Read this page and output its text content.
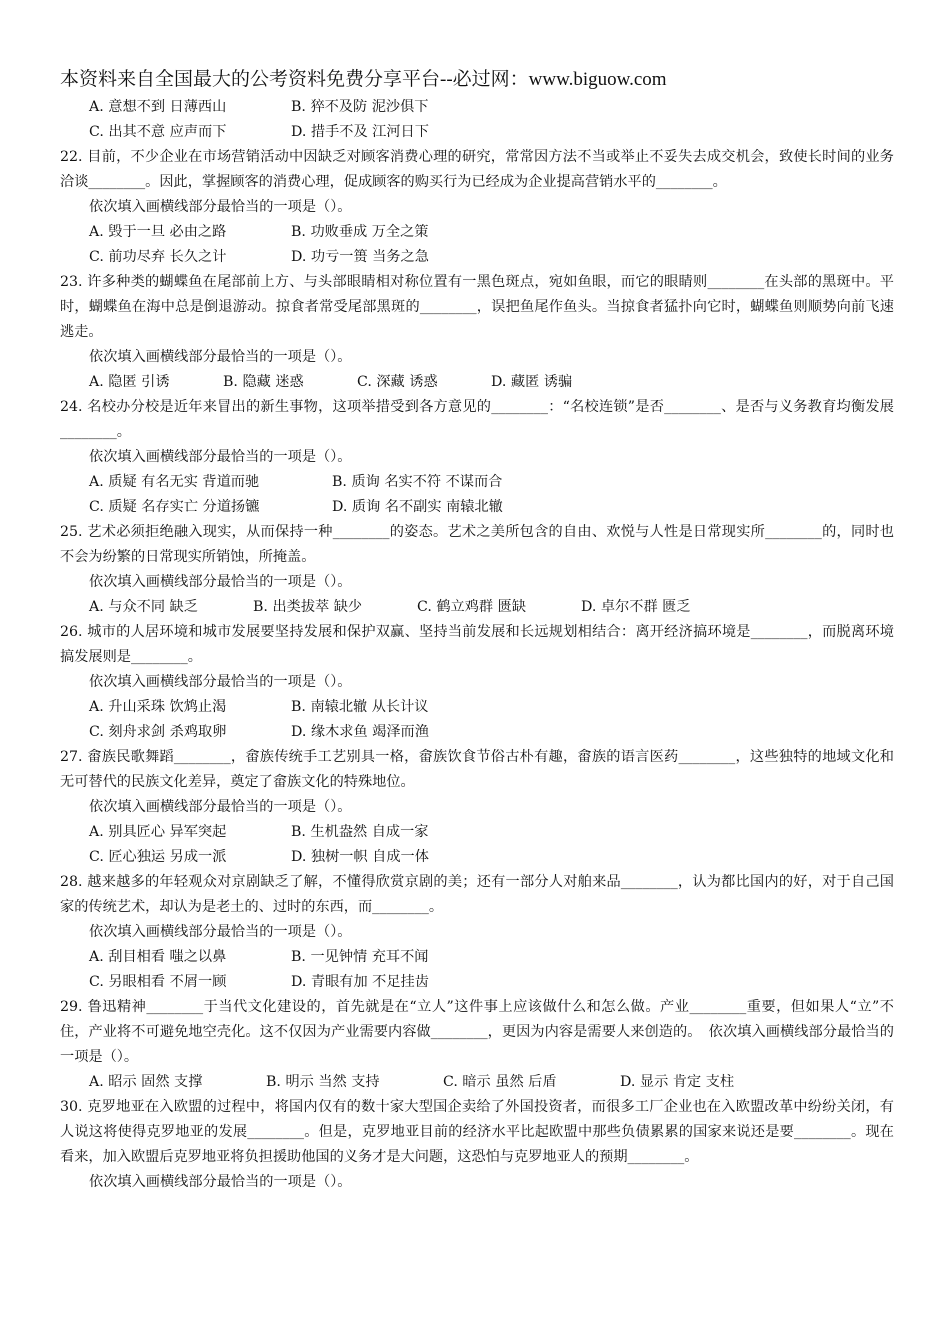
本资料来自全国最大的公考资料免费分享平台--必过网：www.biguow.com
A. 意想不到 日薄西山	B. 猝不及防 泥沙俱下
C. 出其不意 应声而下	D. 措手不及 江河日下
22. 目前，不少企业在市场营销活动中因缺乏对顾客消费心理的研究，常常因方法不当或举止不妥失去成交机会，致使长时间的业务洽谈________。因此，掌握顾客的消费心理，促成顾客的购买行为已经成为企业提高营销水平的________。
依次填入画横线部分最恰当的一项是（）。
A. 毁于一旦 必由之路	B. 功败垂成 万全之策
C. 前功尽弃 长久之计	D. 功亏一篑 当务之急
23. 许多种类的蝴蝶鱼在尾部前上方、与头部眼睛相对称位置有一黑色斑点，宛如鱼眼，而它的眼睛则________在头部的黑斑中。平时，蝴蝶鱼在海中总是倒退游动。掠食者常受尾部黑斑的________，误把鱼尾作鱼头。当掠食者猛扑向它时，蝴蝶鱼则顺势向前飞速逃走。
依次填入画横线部分最恰当的一项是（）。
A. 隐匿 引诱	B. 隐藏 迷惑	C. 深藏 诱惑	D. 藏匿 诱骗
24. 名校办分校是近年来冒出的新生事物，这项举措受到各方意见的________：“名校连锁”是否________、是否与义务教育均衡发展________。
依次填入画横线部分最恰当的一项是（）。
A. 质疑 有名无实 背道而驰	B. 质询 名实不符 不谋而合
C. 质疑 名存实亡 分道扬镳	D. 质询 名不副实 南辕北辙
25. 艺术必须拒绝融入现实，从而保持一种________的姿态。艺术之美所包含的自由、欢悦与人性是日常现实所________的，同时也不会为纷繁的日常现实所销蚀，所掩盖。
依次填入画横线部分最恰当的一项是（）。
A. 与众不同 缺乏	B. 出类拔萃 缺少	C. 鹤立鸡群 匮缺	D. 卓尔不群 匮乏
26. 城市的人居环境和城市发展要坚持发展和保护双赢、坚持当前发展和长远规划相结合：离开经济搞环境是________，而脱离环境搞发展则是________。
依次填入画横线部分最恰当的一项是（）。
A. 升山采珠 饮鸩止渴	B. 南辕北辙 从长计议
C. 刻舟求剑 杀鸡取卵	D. 缘木求鱼 竭泽而渔
27. 畲族民歌舞蹈________，畲族传统手工艺别具一格，畲族饮食节俗古朴有趣，畲族的语言医药________，这些独特的地域文化和无可替代的民族文化差异，奠定了畲族文化的特殊地位。
依次填入画横线部分最恰当的一项是（）。
A. 别具匠心 异军突起	B. 生机盎然 自成一家
C. 匠心独运 另成一派	D. 独树一帜 自成一体
28. 越来越多的年轻观众对京剧缺乏了解，不懂得欣赏京剧的美；还有一部分人对舶来品________，认为都比国内的好，对于自己国家的传统艺术，却认为是老土的、过时的东西，而________。
依次填入画横线部分最恰当的一项是（）。
A. 刮目相看 嗤之以鼻	B. 一见钟情 充耳不闻
C. 另眼相看 不屑一顾	D. 青眼有加 不足挂齿
29. 鲁迅精神________于当代文化建设的，首先就是在“立人”这件事上应该做什么和怎么做。产业________重要，但如果人“立”不住，产业将不可避免地空壳化。这不仅因为产业需要内容做________，更因为内容是需要人来创造的。　依次填入画横线部分最恰当的一项是（）。
A. 昭示 固然 支撑	B. 明示 当然 支持	C. 暗示 虽然 后盾	D. 显示 肯定 支柱
30. 克罗地亚在入欧盟的过程中，将国内仅有的数十家大型国企卖给了外国投资者，而很多工厂企业也在入欧盟改革中纷纷关闭，有人说这将使得克罗地亚的发展________。但是，克罗地亚目前的经济水平比起欧盟中那些负债累累的国家来说还是要________。现在看来，加入欧盟后克罗地亚将负担援助他国的义务才是大问题，这恐怕与克罗地亚人的预期________。
依次填入画横线部分最恰当的一项是（）。
